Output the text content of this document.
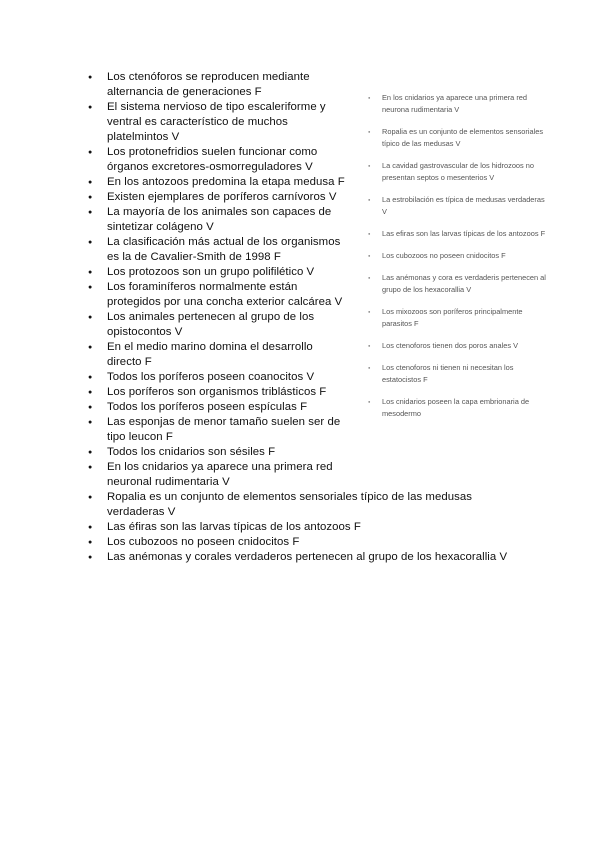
● Los ctenóforos se reproducen mediante alternancia de generaciones F
● El sistema nervioso de tipo escaleriforme y ventral es característico de muchos platelmintos V
● Los protonefridios suelen funcionar como órganos excretores-osmorreguladores V
● En los antozoos predomina la etapa medusa F
● Existen ejemplares de poríferos carnívoros V
● La mayoría de los animales son capaces de sintetizar colágeno V
● La clasificación más actual de los organismos es la de Cavalier-Smith de 1998 F
● Los protozoos son un grupo polifilético V
● Los foraminíferos normalmente están protegidos por una concha exterior calcárea V
● Los animales pertenecen al grupo de los opistocontos V
● En el medio marino domina el desarrollo directo F
● Todos los poríferos poseen coanocitos V
● Los poríferos son organismos triblásticos F
● Todos los poríferos poseen espículas F
● Las esponjas de menor tamaño suelen ser de tipo leucon F
● Todos los cnidarios son sésiles F
● En los cnidarios ya aparece una primera red neuronal rudimentaria V
● Ropalia es un conjunto de elementos sensoriales típico de las medusas verdaderas V
● Las éfiras son las larvas típicas de los antozoos F
● Los cubozoos no poseen cnidocitos F
● Las anémonas y corales verdaderos pertenecen al grupo de los hexacorallia V
● En los cnidarios ya aparece una primera red neurona rudimentaria V
● Ropalia es un conjunto de elementos sensoriales típico de las medusas V
● La cavidad gastrovascular de los hidrozoos no presentan septos o mesenterios V
● La estrobilación es típica de medusas verdaderas V
● Las efiras son las larvas típicas de los antozoos F
● Los cubozoos no poseen cnidocitos F
● Las anémonas y cora es verdaderis pertenecen al grupo de los hexacorallia V
● Los mixozoos son poríferos principalmente parasitos F
● Los ctenoforos tienen dos poros anales V
● Los ctenoforos ni tienen ni necesitan los estatocistos F
● Los cnidarios poseen la capa embrionaria de mesodermo
